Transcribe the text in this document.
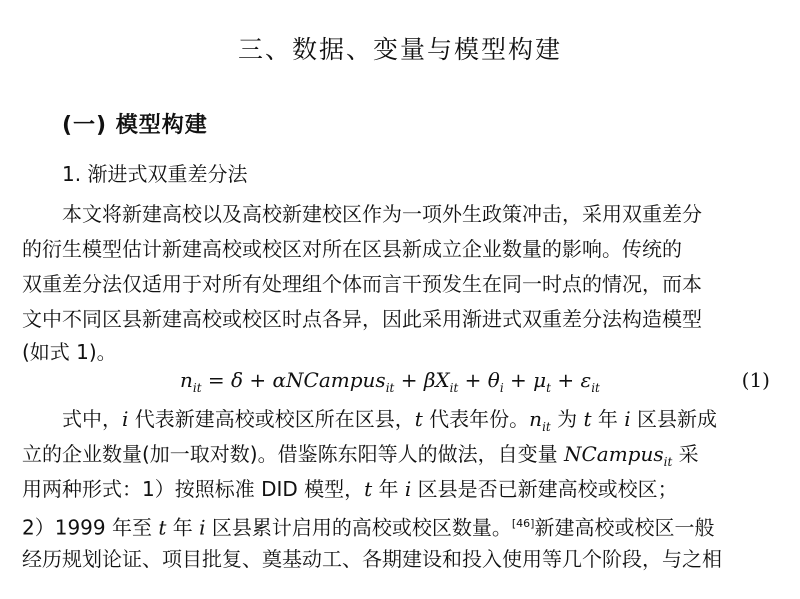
三、数据、变量与模型构建
(一) 模型构建
1. 渐进式双重差分法
本文将新建高校以及高校新建校区作为一项外生政策冲击，采用双重差分
的衍生模型估计新建高校或校区对所在区县新成立企业数量的影响。传统的
双重差分法仅适用于对所有处理组个体而言干预发生在同一时点的情况，而本
文中不同区县新建高校或校区时点各异，因此采用渐进式双重差分法构造模型
(如式 1)。
$n_{it} = \delta$ + αNCampus$_{it}$ + $\beta X_{it} + \theta_i + \mu_t + \varepsilon_{it}$	(1)
式中，i 代表新建高校或校区所在区县，t 代表年份。$n_{it}$ 为 t 年 i 区县新成
立的企业数量(加一取对数)。借鉴陈东阳等人的做法，自变量 NCampus$_{it}$ 采
用两种形式：1）按照标准 DID 模型，t 年 i 区县是否已新建高校或校区；
2）1999 年至 t 年 i 区县累计启用的高校或校区数量。[46]新建高校或校区一般
经历规划论证、项目批复、奠基动工、各期建设和投入使用等几个阶段，与之相
